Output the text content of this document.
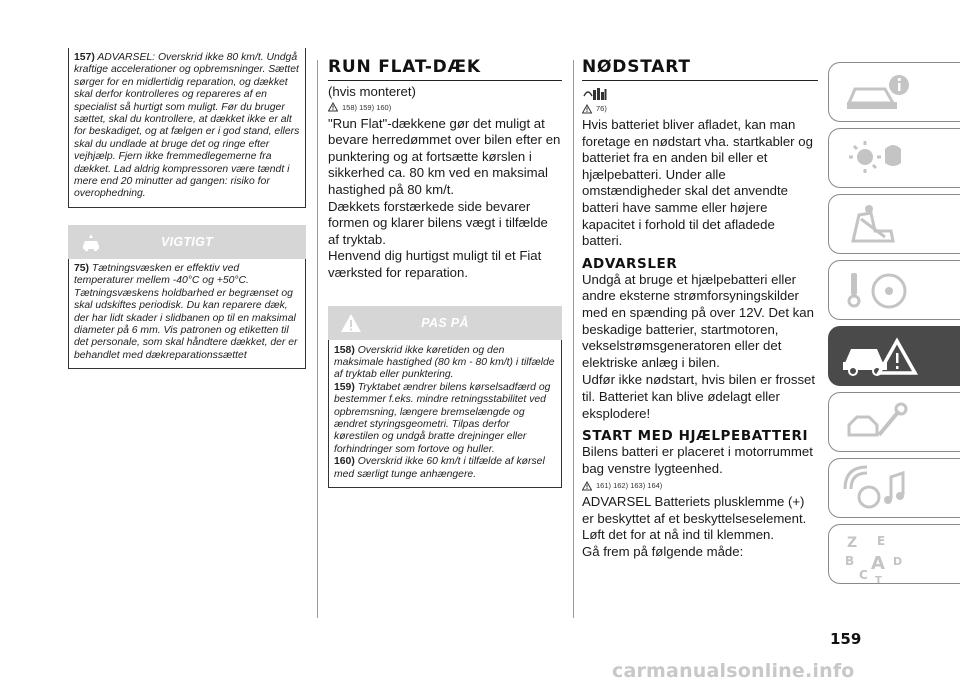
157) ADVARSEL: Overskrid ikke 80 km/t. Undgå kraftige accelerationer og opbremsninger. Sættet sørger for en midlertidig reparation, og dækket skal derfor kontrolleres og repareres af en specialist så hurtigt som muligt. Før du bruger sættet, skal du kontrollere, at dækket ikke er alt for beskadiget, og at fælgen er i god stand, ellers skal du undlade at bruge det og ringe efter vejhjælp. Fjern ikke fremmedlegemerne fra dækket. Lad aldrig kompressoren være tændt i mere end 20 minutter ad gangen: risiko for overophedning.
VIGTIGT
75) Tætningsvæsken er effektiv ved temperaturer mellem -40°C og +50°C. Tætningsvæskens holdbarhed er begrænset og skal udskiftes periodisk. Du kan reparere dæk, der har lidt skader i slidbanen op til en maksimal diameter på 6 mm. Vis patronen og etiketten til det personale, som skal håndtere dækket, der er behandlet med dækreparationssættet
RUN FLAT-DÆK
(hvis monteret)
158) 159) 160)
"Run Flat"-dækkene gør det muligt at bevare herredømmet over bilen efter en punktering og at fortsætte kørslen i sikkerhed ca. 80 km ved en maksimal hastighed på 80 km/t.
Dækkets forstærkede side bevarer formen og klarer bilens vægt i tilfælde af tryktab.
Henvend dig hurtigst muligt til et Fiat værksted for reparation.
PAS PÅ
158) Overskrid ikke køretiden og den maksimale hastighed (80 km - 80 km/t) i tilfælde af tryktab eller punktering.
159) Tryktabet ændrer bilens kørselsadfærd og bestemmer f.eks. mindre retningsstabilitet ved opbremsning, længere bremselængde og ændret styringsgeometri. Tilpas derfor kørestilen og undgå bratte drejninger eller forhindringer som fortove og huller.
160) Overskrid ikke 60 km/t i tilfælde af kørsel med særligt tunge anhængere.
NØDSTART
76)
Hvis batteriet bliver afladet, kan man foretage en nødstart vha. startkabler og batteriet fra en anden bil eller et hjælpebatteri. Under alle omstændigheder skal det anvendte batteri have samme eller højere kapacitet i forhold til det afladede batteri.
ADVARSLER
Undgå at bruge et hjælpebatteri eller andre eksterne strømforsyningskilder med en spænding på over 12V. Det kan beskadige batterier, startmotoren, vekselstrømsgeneratoren eller det elektriske anlæg i bilen.
Udfør ikke nødstart, hvis bilen er frosset til. Batteriet kan blive ødelagt eller eksplodere!
START MED HJÆLPEBATTERI
Bilens batteri er placeret i motorrummet bag venstre lygteenhed.
161) 162) 163) 164)
ADVARSEL Batteriets plusklemme (+) er beskyttet af et beskyttelseselement. Løft det for at nå ind til klemmen.
Gå frem på følgende måde:
Z E
B A D
C T
159
carmanualsonline.info
